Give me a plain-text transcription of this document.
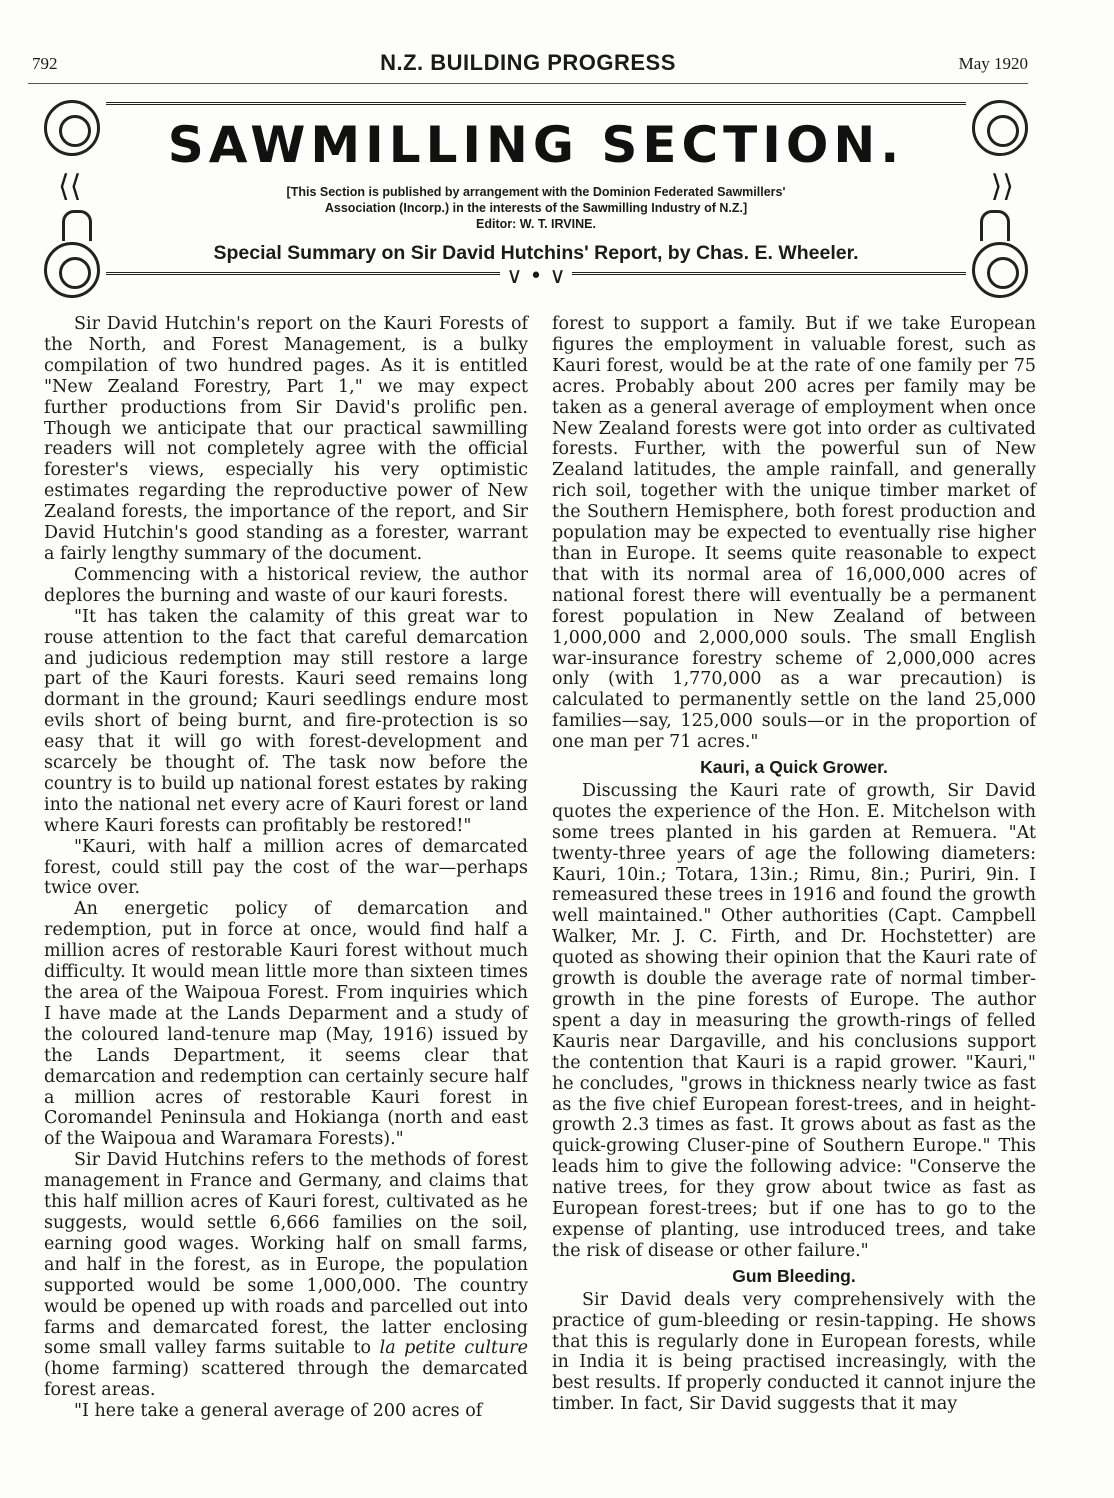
792	N.Z. BUILDING PROGRESS	May 1920
⟨⟨	⟩⟩
SAWMILLING SECTION.
[This Section is published by arrangement with the Dominion Federated Sawmillers'
Association (Incorp.) in the interests of the Sawmilling Industry of N.Z.]
Editor: W. T. IRVINE.
Special Summary on Sir David Hutchins' Report, by Chas. E. Wheeler.
∨ • ∨

Sir David Hutchin's report on the Kauri Forests of the North, and Forest Management, is a bulky compilation of two hundred pages. As it is entitled "New Zealand Forestry, Part 1," we may expect further productions from Sir David's prolific pen. Though we anticipate that our practical sawmilling readers will not completely agree with the official forester's views, especially his very optimistic estimates regarding the reproductive power of New Zealand forests, the importance of the report, and Sir David Hutchin's good standing as a forester, warrant a fairly lengthy summary of the document.

Commencing with a historical review, the author deplores the burning and waste of our kauri forests.

"It has taken the calamity of this great war to rouse attention to the fact that careful demarcation and judicious redemption may still restore a large part of the Kauri forests. Kauri seed remains long dormant in the ground; Kauri seedlings endure most evils short of being burnt, and fire-protection is so easy that it will go with forest-development and scarcely be thought of. The task now before the country is to build up national forest estates by raking into the national net every acre of Kauri forest or land where Kauri forests can profitably be restored!"

"Kauri, with half a million acres of demarcated forest, could still pay the cost of the war—perhaps twice over.

An energetic policy of demarcation and redemption, put in force at once, would find half a million acres of restorable Kauri forest without much difficulty. It would mean little more than sixteen times the area of the Waipoua Forest. From inquiries which I have made at the Lands Deparment and a study of the coloured land-tenure map (May, 1916) issued by the Lands Department, it seems clear that demarcation and redemption can certainly secure half a million acres of restorable Kauri forest in Coromandel Peninsula and Hokianga (north and east of the Waipoua and Waramara Forests)."

Sir David Hutchins refers to the methods of forest management in France and Germany, and claims that this half million acres of Kauri forest, cultivated as he suggests, would settle 6,666 families on the soil, earning good wages. Working half on small farms, and half in the forest, as in Europe, the population supported would be some 1,000,000. The country would be opened up with roads and parcelled out into farms and demarcated forest, the latter enclosing some small valley farms suitable to la petite culture (home farming) scattered through the demarcated forest areas.

"I here take a general average of 200 acres of

forest to support a family. But if we take European figures the employment in valuable forest, such as Kauri forest, would be at the rate of one family per 75 acres. Probably about 200 acres per family may be taken as a general average of employment when once New Zealand forests were got into order as cultivated forests. Further, with the powerful sun of New Zealand latitudes, the ample rainfall, and generally rich soil, together with the unique timber market of the Southern Hemisphere, both forest production and population may be expected to eventually rise higher than in Europe. It seems quite reasonable to expect that with its normal area of 16,000,000 acres of national forest there will eventually be a permanent forest population in New Zealand of between 1,000,000 and 2,000,000 souls. The small English war-insurance forestry scheme of 2,000,000 acres only (with 1,770,000 as a war precaution) is calculated to permanently settle on the land 25,000 families—say, 125,000 souls—or in the proportion of one man per 71 acres."

Kauri, a Quick Grower.

Discussing the Kauri rate of growth, Sir David quotes the experience of the Hon. E. Mitchelson with some trees planted in his garden at Remuera. "At twenty-three years of age the following diameters: Kauri, 10in.; Totara, 13in.; Rimu, 8in.; Puriri, 9in. I remeasured these trees in 1916 and found the growth well maintained." Other authorities (Capt. Campbell Walker, Mr. J. C. Firth, and Dr. Hochstetter) are quoted as showing their opinion that the Kauri rate of growth is double the average rate of normal timber-growth in the pine forests of Europe. The author spent a day in measuring the growth-rings of felled Kauris near Dargaville, and his conclusions support the contention that Kauri is a rapid grower. "Kauri," he concludes, "grows in thickness nearly twice as fast as the five chief European forest-trees, and in height-growth 2.3 times as fast. It grows about as fast as the quick-growing Cluser-pine of Southern Europe." This leads him to give the following advice: "Conserve the native trees, for they grow about twice as fast as European forest-trees; but if one has to go to the expense of planting, use introduced trees, and take the risk of disease or other failure."

Gum Bleeding.

Sir David deals very comprehensively with the practice of gum-bleeding or resin-tapping. He shows that this is regularly done in European forests, while in India it is being practised increasingly, with the best results. If properly conducted it cannot injure the timber. In fact, Sir David suggests that it may
